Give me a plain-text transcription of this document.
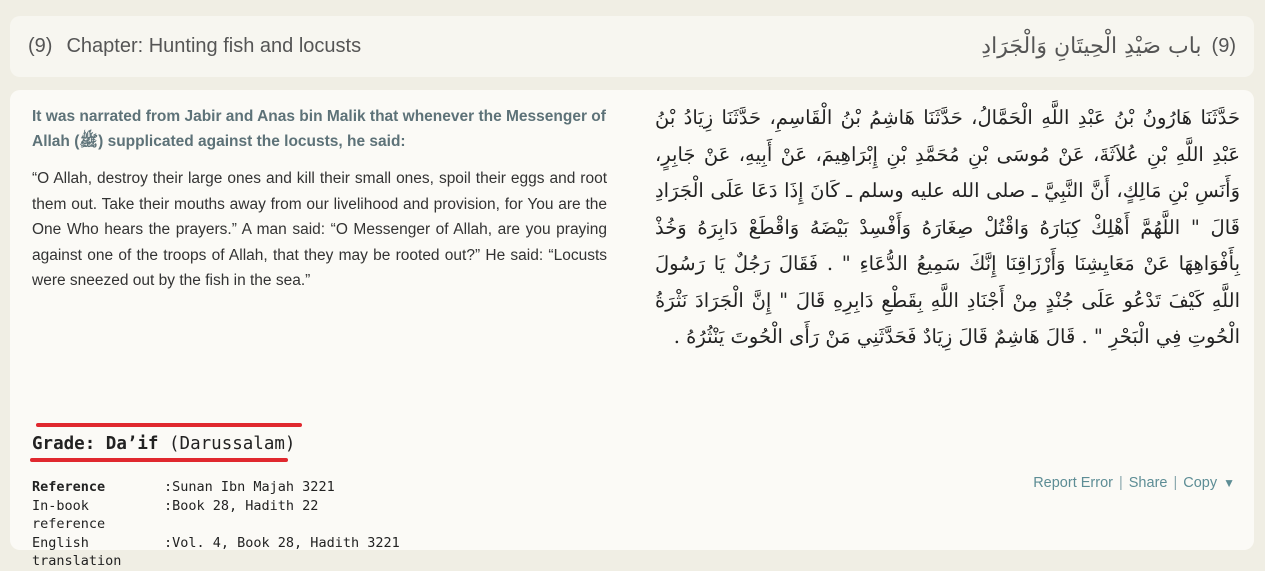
(9) Chapter: Hunting fish and locusts	(9)
باب صَيْدِ الْحِيتَانِ وَالْجَرَادِ
It was narrated from Jabir and Anas bin Malik that whenever the Messenger of Allah (ﷺ) supplicated against the locusts, he said:
“O Allah, destroy their large ones and kill their small ones, spoil their eggs and root them out. Take their mouths away from our livelihood and provision, for You are the One Who hears the prayers.” A man said: “O Messenger of Allah, are you praying against one of the troops of Allah, that they may be rooted out?” He said: “Locusts were sneezed out by the fish in the sea.”
حَدَّثَنَا هَارُونُ بْنُ عَبْدِ اللَّهِ الْحَمَّالُ، حَدَّثَنَا هَاشِمُ بْنُ الْقَاسِمِ، حَدَّثَنَا زِيَادُ بْنُ عَبْدِ اللَّهِ بْنِ عُلاَثَةَ، عَنْ مُوسَى بْنِ مُحَمَّدِ بْنِ إِبْرَاهِيمَ، عَنْ أَبِيهِ، عَنْ جَابِرٍ، وَأَنَسِ بْنِ مَالِكٍ، أَنَّ النَّبِيَّ ـ صلى الله عليه وسلم ـ كَانَ إِذَا دَعَا عَلَى الْجَرَادِ قَالَ " اللَّهُمَّ أَهْلِكْ كِبَارَهُ وَاقْتُلْ صِغَارَهُ وَأَفْسِدْ بَيْضَهُ وَاقْطَعْ دَابِرَهُ وَخُذْ بِأَفْوَاهِهَا عَنْ مَعَايِشِنَا وَأَرْزَاقِنَا إِنَّكَ سَمِيعُ الدُّعَاءِ " . فَقَالَ رَجُلٌ يَا رَسُولَ اللَّهِ كَيْفَ تَدْعُو عَلَى جُنْدٍ مِنْ أَجْنَادِ اللَّهِ بِقَطْعِ دَابِرِهِ قَالَ " إِنَّ الْجَرَادَ نَثْرَةُ الْحُوتِ فِي الْبَحْرِ " . قَالَ هَاشِمٌ قَالَ زِيَادٌ فَحَدَّثَنِي مَنْ رَأَى الْحُوتَ يَنْثُرُهُ .
Grade: Da’if (Darussalam)
Reference	: Sunan Ibn Majah 3221
In-book reference
: Book 28, Hadith 22
English translation
: Vol. 4, Book 28, Hadith 3221
Report Error | Share | Copy ▼
